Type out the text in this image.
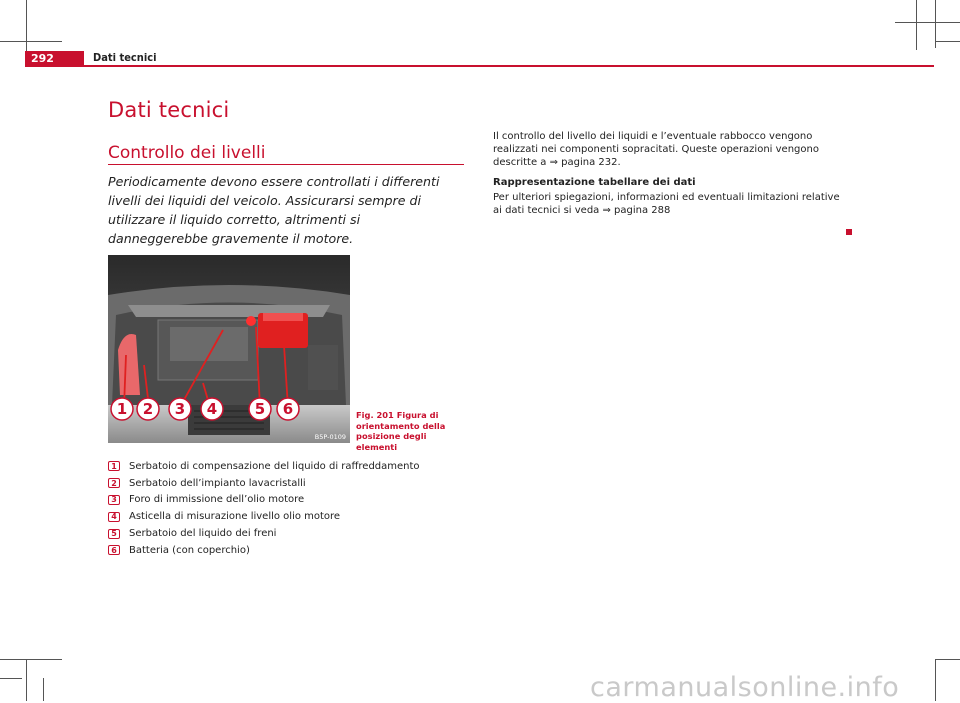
292	Dati tecnici
Dati tecnici
Controllo dei livelli
Periodicamente devono essere controllati i differenti livelli dei liquidi del veicolo. Assicurarsi sempre di utilizzare il liquido corretto, altrimenti si danneggerebbe gravemente il motore.
1 2 3 4	5 6
B5P-0109
Fig. 201 Figura di orientamento della posizione degli elementi
1	Serbatoio di compensazione del liquido di raffreddamento
2	Serbatoio dell’impianto lavacristalli
3	Foro di immissione dell’olio motore
4	Asticella di misurazione livello olio motore
5	Serbatoio del liquido dei freni
6	Batteria (con coperchio)

Il controllo del livello dei liquidi e l’eventuale rabbocco vengono realizzati nei componenti sopracitati. Queste operazioni vengono descritte a ⇒ pagina 232.

Rappresentazione tabellare dei dati

Per ulteriori spiegazioni, informazioni ed eventuali limitazioni relative ai dati tecnici si veda ⇒ pagina 288

carmanualsonline.info
